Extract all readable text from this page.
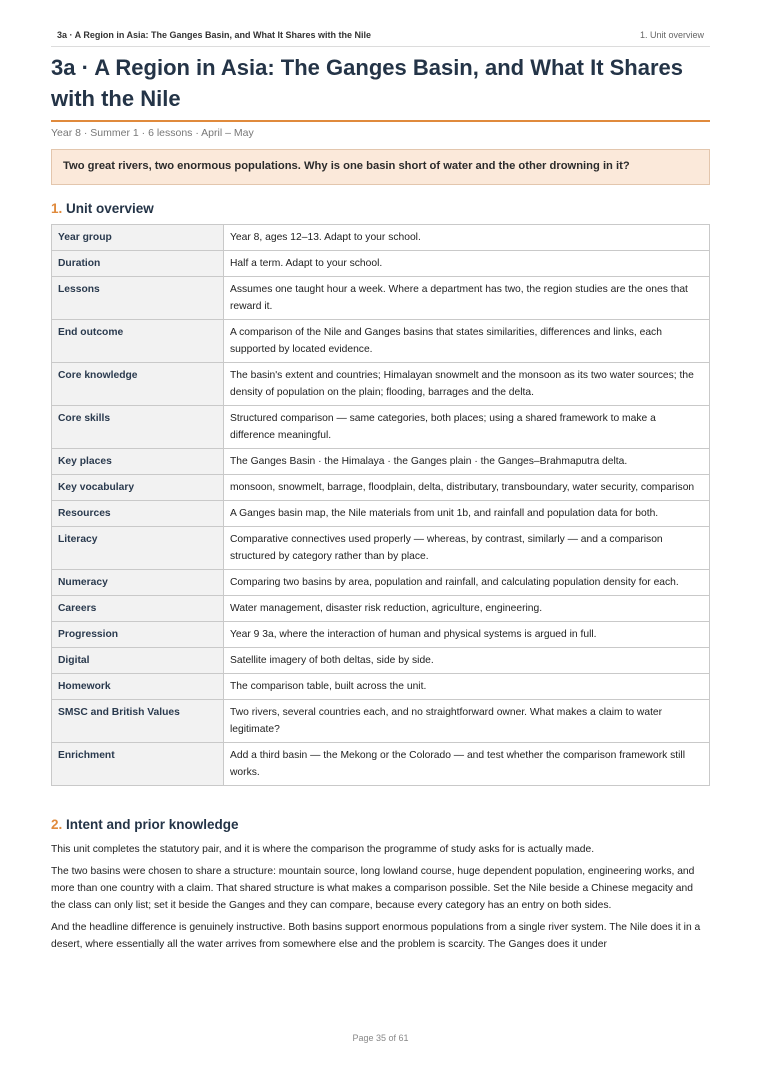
3a · A Region in Asia: The Ganges Basin, and What It Shares with the Nile	1. Unit overview
3a · A Region in Asia: The Ganges Basin, and What It Shares with the Nile
Year 8 · Summer 1 · 6 lessons · April – May
Two great rivers, two enormous populations. Why is one basin short of water and the other drowning in it?
1. Unit overview
Year group	Year 8, ages 12–13. Adapt to your school.
Duration	Half a term. Adapt to your school.
Lessons	Assumes one taught hour a week. Where a department has two, the region studies are the ones that reward it.
End outcome	A comparison of the Nile and Ganges basins that states similarities, differences and links, each supported by located evidence.
Core knowledge	The basin's extent and countries; Himalayan snowmelt and the monsoon as its two water sources; the density of population on the plain; flooding, barrages and the delta.
Core skills	Structured comparison — same categories, both places; using a shared framework to make a difference meaningful.
Key places	The Ganges Basin · the Himalaya · the Ganges plain · the Ganges–Brahmaputra delta.
Key vocabulary	monsoon, snowmelt, barrage, floodplain, delta, distributary, transboundary, water security, comparison
Resources	A Ganges basin map, the Nile materials from unit 1b, and rainfall and population data for both.
Literacy	Comparative connectives used properly — whereas, by contrast, similarly — and a comparison structured by category rather than by place.
Numeracy	Comparing two basins by area, population and rainfall, and calculating population density for each.
Careers	Water management, disaster risk reduction, agriculture, engineering.
Progression	Year 9 3a, where the interaction of human and physical systems is argued in full.
Digital	Satellite imagery of both deltas, side by side.
Homework	The comparison table, built across the unit.
SMSC and British Values	Two rivers, several countries each, and no straightforward owner. What makes a claim to water legitimate?
Enrichment	Add a third basin — the Mekong or the Colorado — and test whether the comparison framework still works.
2. Intent and prior knowledge

This unit completes the statutory pair, and it is where the comparison the programme of study asks for is actually made.

The two basins were chosen to share a structure: mountain source, long lowland course, huge dependent population, engineering works, and more than one country with a claim. That shared structure is what makes a comparison possible. Set the Nile beside a Chinese megacity and the class can only list; set it beside the Ganges and they can compare, because every category has an entry on both sides.

And the headline difference is genuinely instructive. Both basins support enormous populations from a single river system. The Nile does it in a desert, where essentially all the water arrives from somewhere else and the problem is scarcity. The Ganges does it under

Page 35 of 61
